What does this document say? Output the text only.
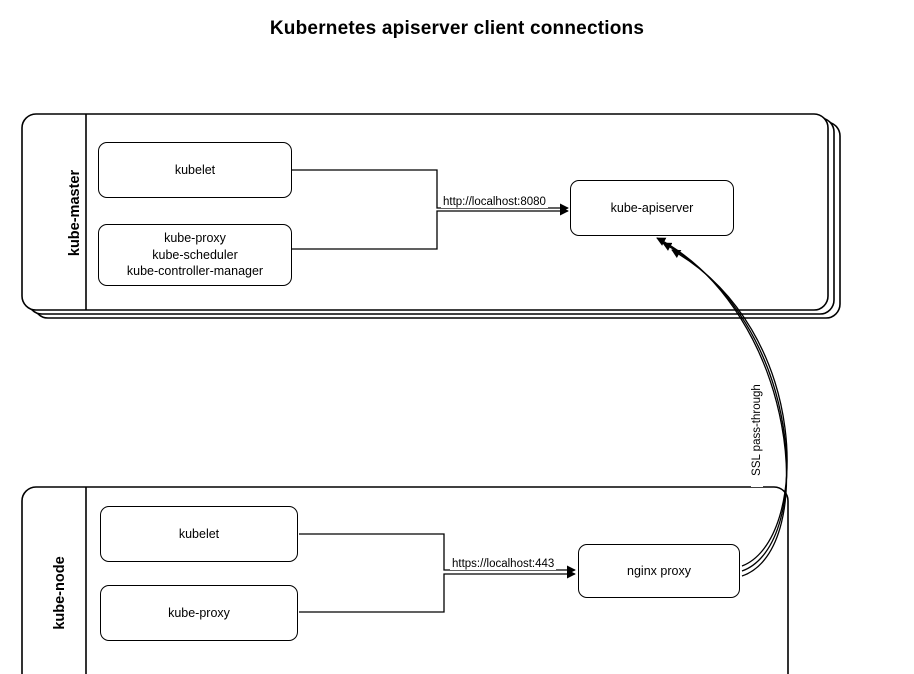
Kubernetes apiserver client connections
kube-master
kube-node
kubelet
kube-proxy
kube-scheduler
kube-controller-manager
kube-apiserver
kubelet
kube-proxy
nginx proxy
http://localhost:8080
https://localhost:443
SSL pass-through
